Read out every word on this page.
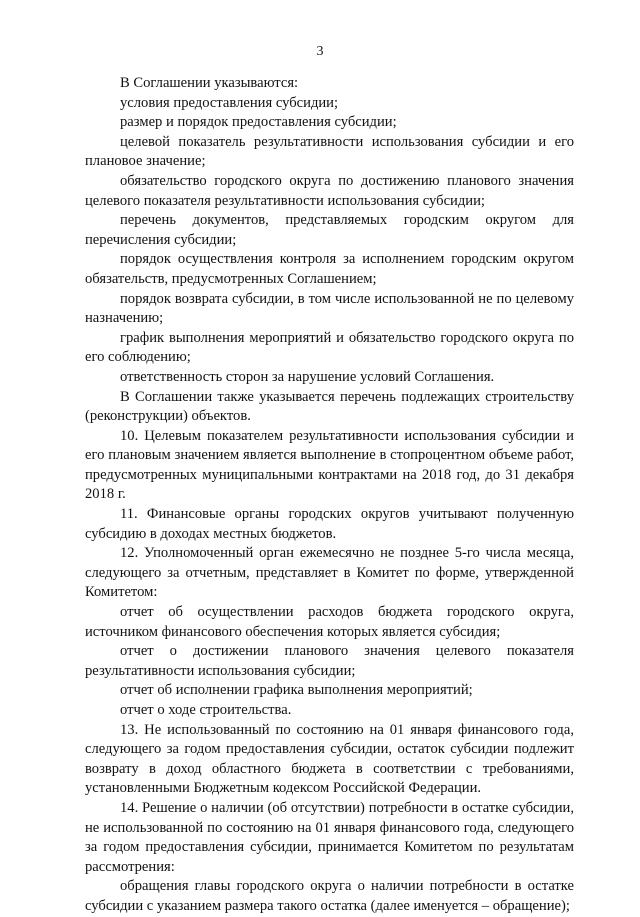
3

В Соглашении указываются:

условия предоставления субсидии;

размер и порядок предоставления субсидии;

целевой показатель результативности использования субсидии и его плановое значение;

обязательство городского округа по достижению планового значения целевого показателя результативности использования субсидии;

перечень документов, представляемых городским округом для перечисления субсидии;

порядок осуществления контроля за исполнением городским округом обязательств, предусмотренных Соглашением;

порядок возврата субсидии, в том числе использованной не по целевому назначению;

график выполнения мероприятий и обязательство городского округа по его соблюдению;

ответственность сторон за нарушение условий Соглашения.

В Соглашении также указывается перечень подлежащих строительству (реконструкции) объектов.

10. Целевым показателем результативности использования субсидии и его плановым значением является выполнение в стопроцентном объеме работ, предусмотренных муниципальными контрактами на 2018 год, до 31 декабря 2018 г.

11. Финансовые органы городских округов учитывают полученную субсидию в доходах местных бюджетов.

12. Уполномоченный орган ежемесячно не позднее 5-го числа месяца, следующего за отчетным, представляет в Комитет по форме, утвержденной Комитетом:

отчет об осуществлении расходов бюджета городского округа, источником финансового обеспечения которых является субсидия;

отчет о достижении планового значения целевого показателя результативности использования субсидии;

отчет об исполнении графика выполнения мероприятий;

отчет о ходе строительства.

13. Не использованный по состоянию на 01 января финансового года, следующего за годом предоставления субсидии, остаток субсидии подлежит возврату в доход областного бюджета в соответствии с требованиями, установленными Бюджетным кодексом Российской Федерации.

14. Решение о наличии (об отсутствии) потребности в остатке субсидии, не использованной по состоянию на 01 января финансового года, следующего за годом предоставления субсидии, принимается Комитетом по результатам рассмотрения:

обращения главы городского округа о наличии потребности в остатке субсидии с указанием размера такого остатка (далее именуется – обращение);
